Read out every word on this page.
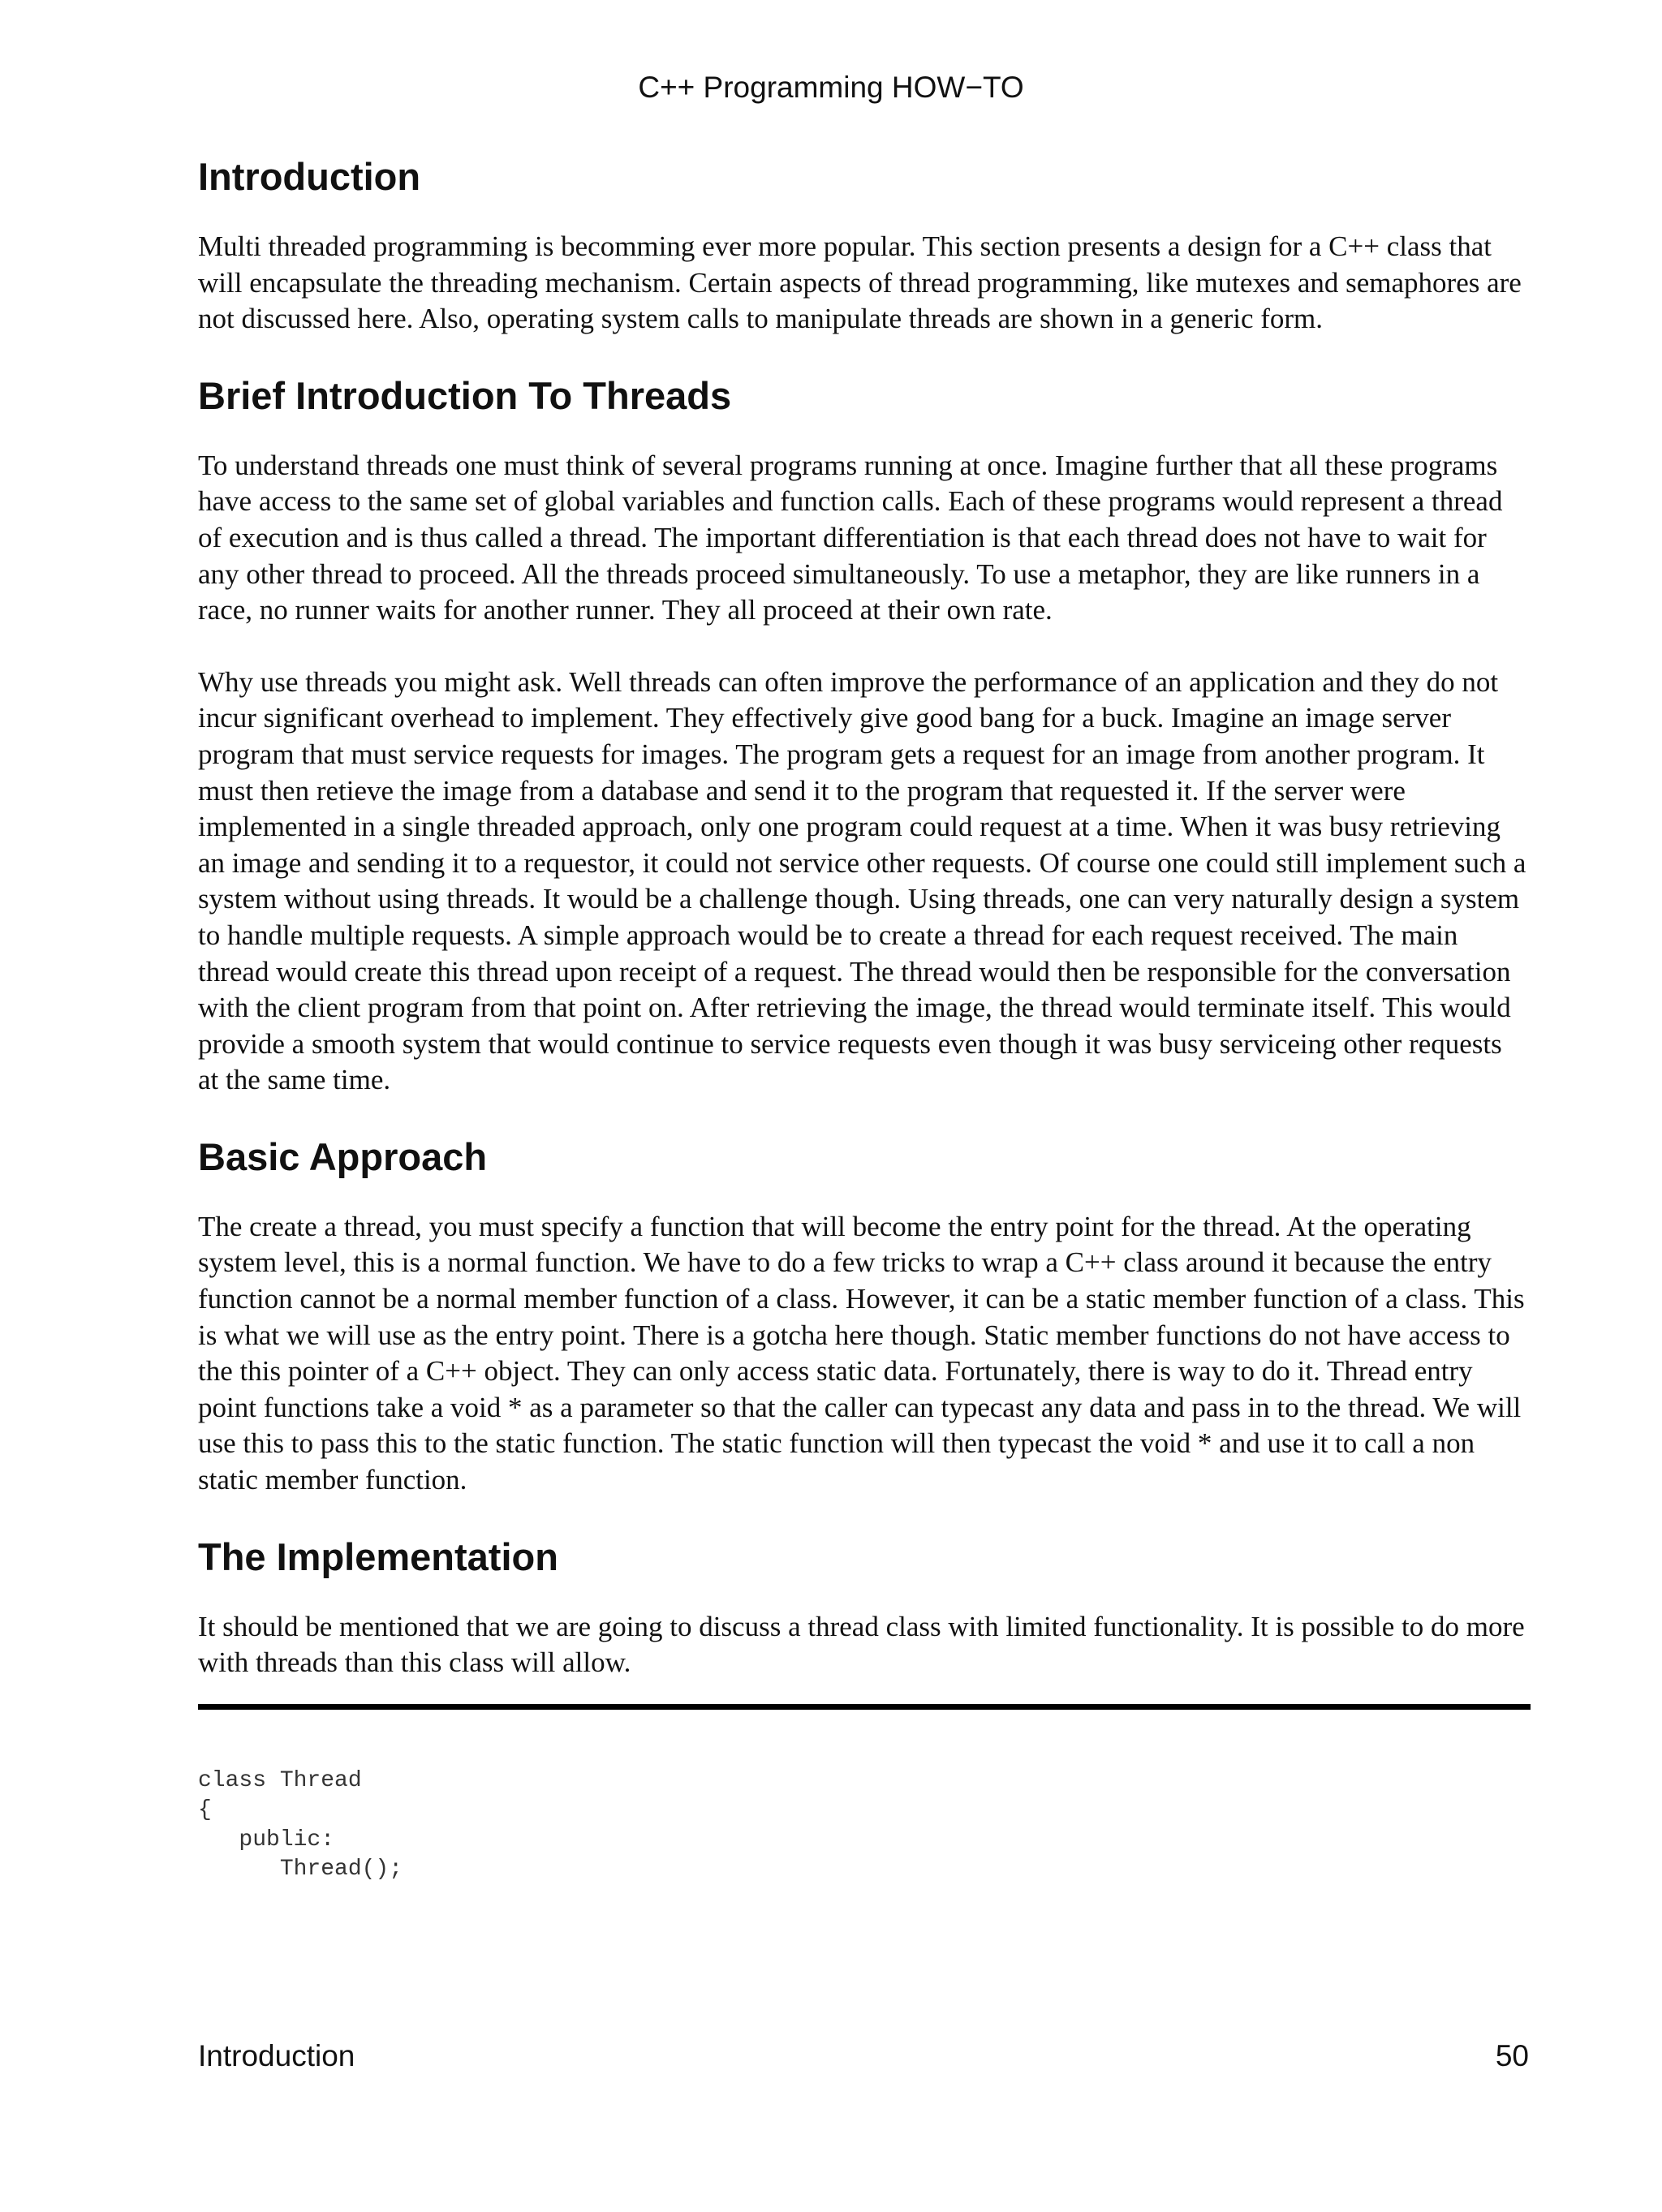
C++ Programming HOW−TO
Introduction

Multi threaded programming is becomming ever more popular. This section presents a design for a C++ class that will encapsulate the threading mechanism. Certain aspects of thread programming, like mutexes and semaphores are not discussed here. Also, operating system calls to manipulate threads are shown in a generic form.

Brief Introduction To Threads

To understand threads one must think of several programs running at once. Imagine further that all these programs have access to the same set of global variables and function calls. Each of these programs would represent a thread of execution and is thus called a thread. The important differentiation is that each thread does not have to wait for any other thread to proceed. All the threads proceed simultaneously. To use a metaphor, they are like runners in a race, no runner waits for another runner. They all proceed at their own rate.

Why use threads you might ask. Well threads can often improve the performance of an application and they do not incur significant overhead to implement. They effectively give good bang for a buck. Imagine an image server program that must service requests for images. The program gets a request for an image from another program. It must then retieve the image from a database and send it to the program that requested it. If the server were implemented in a single threaded approach, only one program could request at a time. When it was busy retrieving an image and sending it to a requestor, it could not service other requests. Of course one could still implement such a system without using threads. It would be a challenge though. Using threads, one can very naturally design a system to handle multiple requests. A simple approach would be to create a thread for each request received. The main thread would create this thread upon receipt of a request. The thread would then be responsible for the conversation with the client program from that point on. After retrieving the image, the thread would terminate itself. This would provide a smooth system that would continue to service requests even though it was busy serviceing other requests at the same time.

Basic Approach

The create a thread, you must specify a function that will become the entry point for the thread. At the operating system level, this is a normal function. We have to do a few tricks to wrap a C++ class around it because the entry function cannot be a normal member function of a class. However, it can be a static member function of a class. This is what we will use as the entry point. There is a gotcha here though. Static member functions do not have access to the this pointer of a C++ object. They can only access static data. Fortunately, there is way to do it. Thread entry point functions take a void * as a parameter so that the caller can typecast any data and pass in to the thread. We will use this to pass this to the static function. The static function will then typecast the void * and use it to call a non static member function.

The Implementation

It should be mentioned that we are going to discuss a thread class with limited functionality. It is possible to do more with threads than this class will allow.

class Thread
{
public:
Thread();
Introduction	50
